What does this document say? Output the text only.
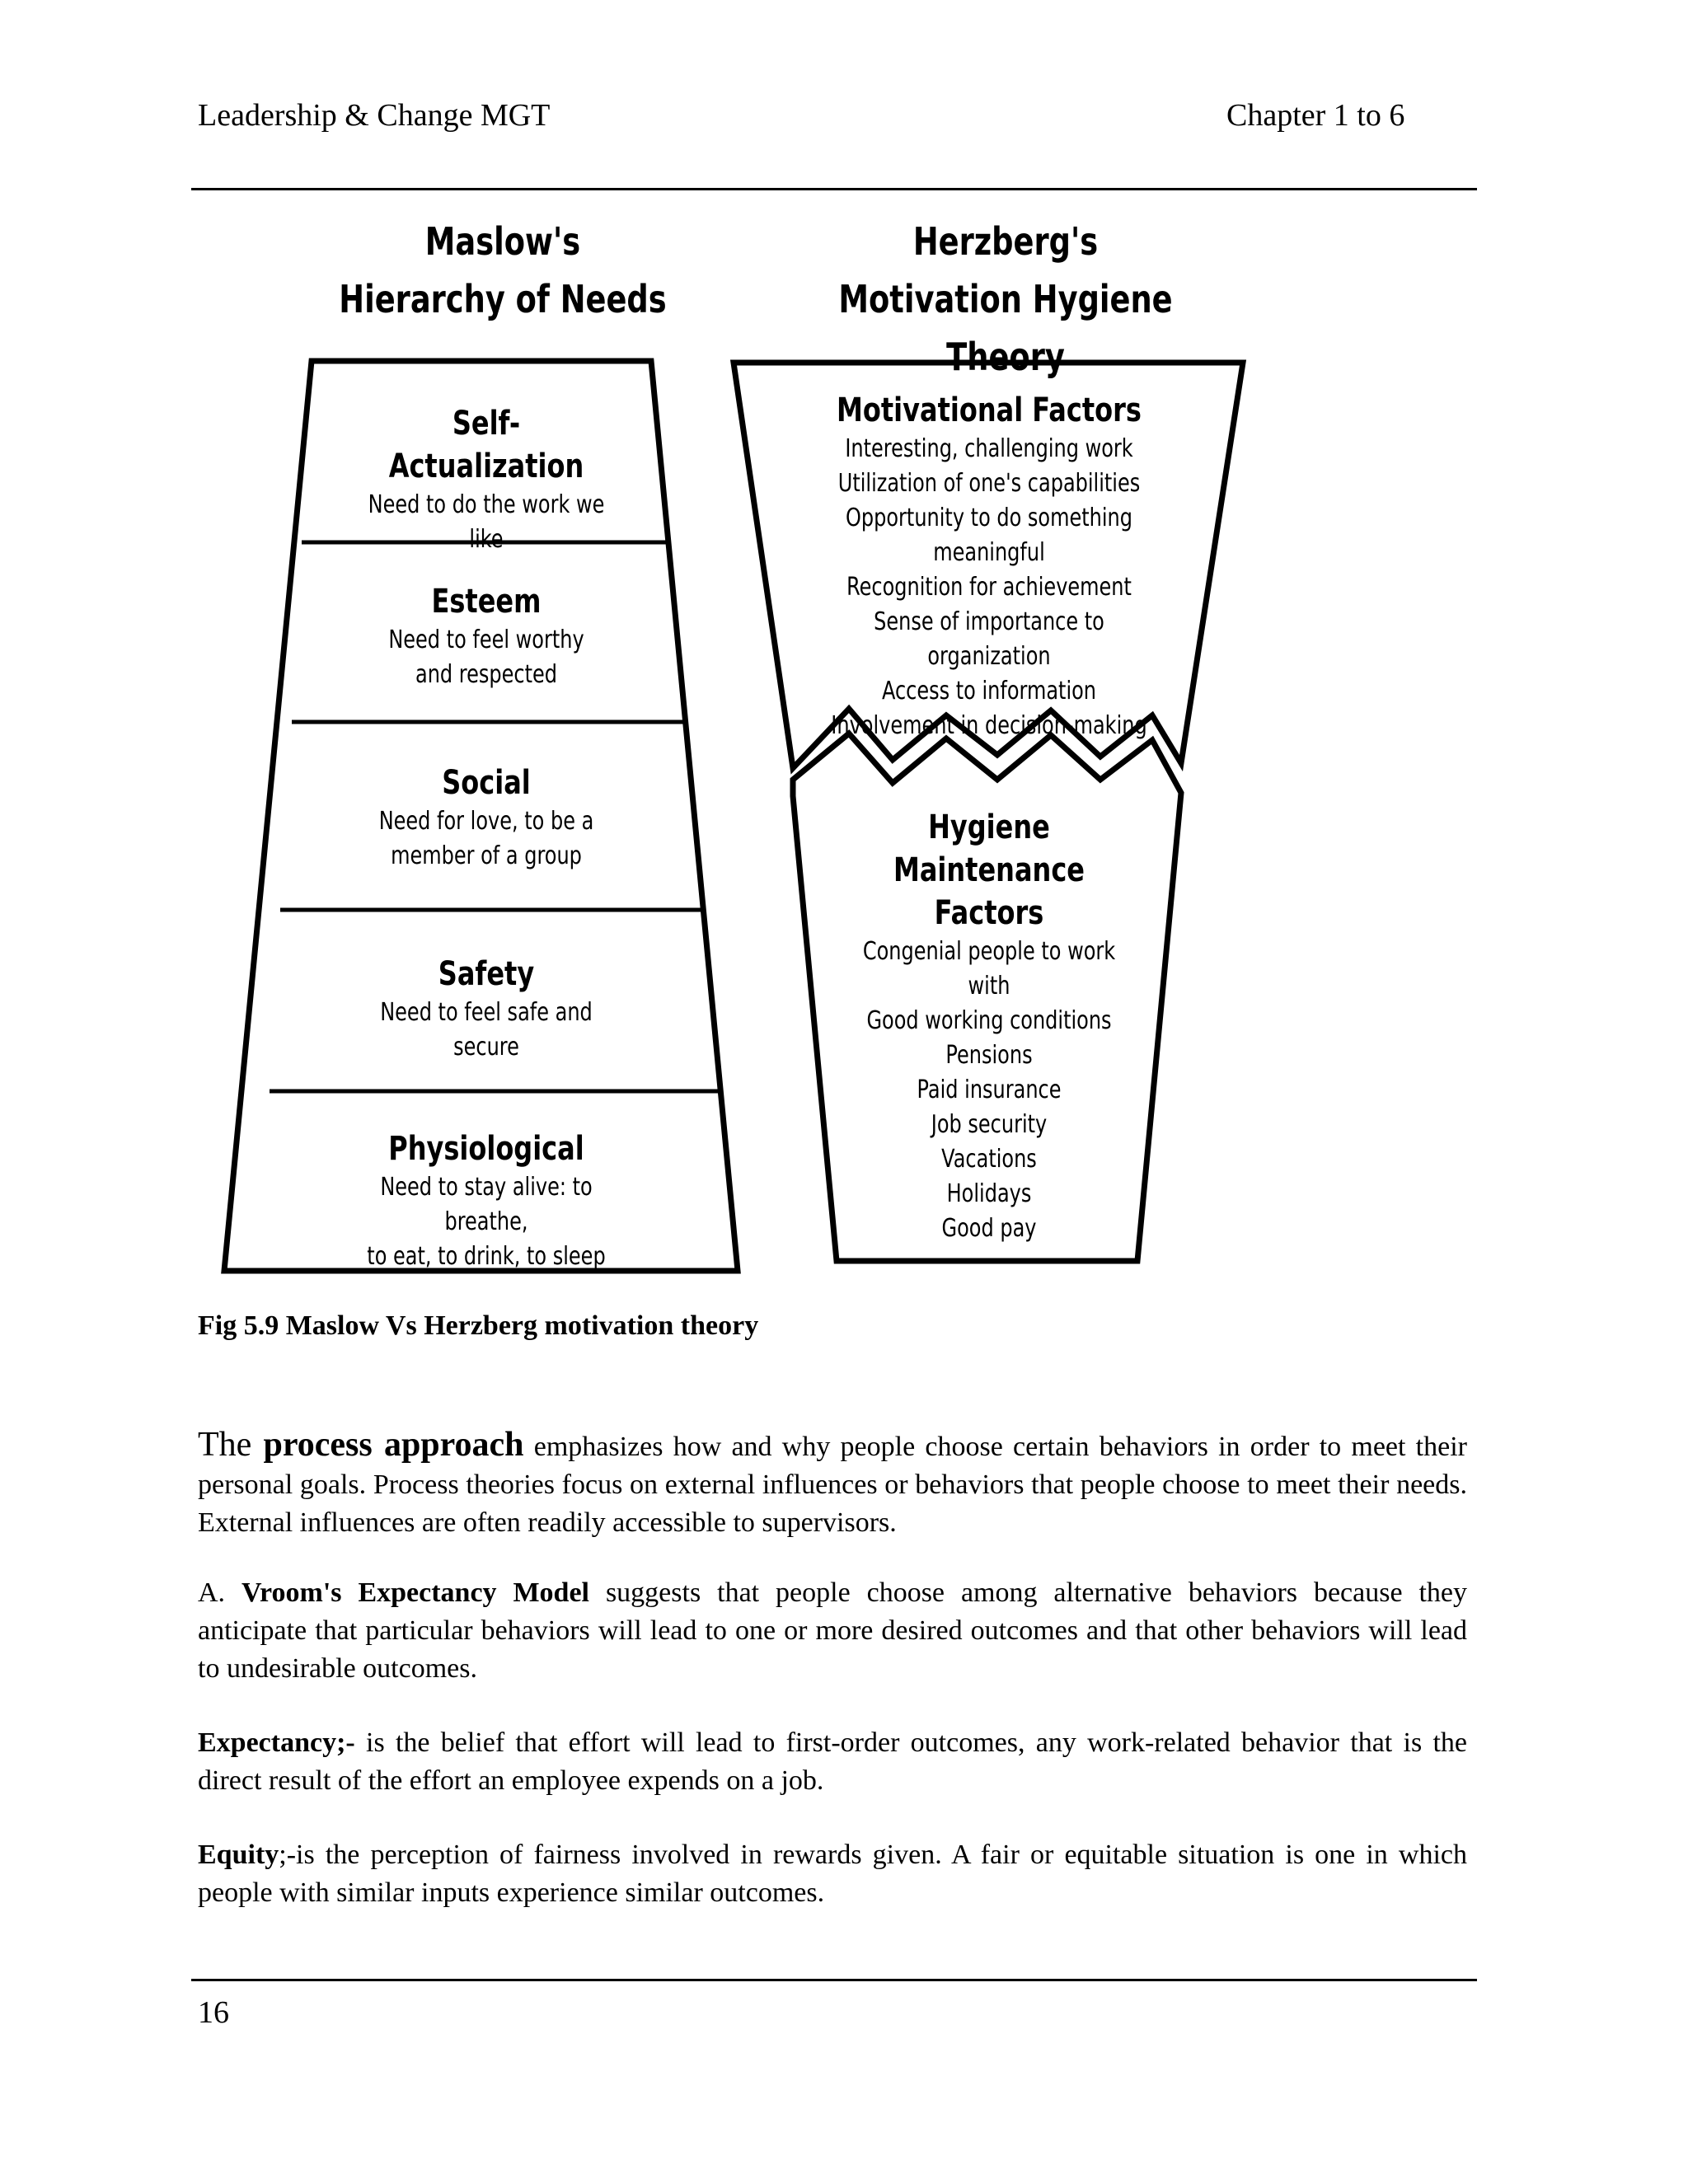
Leadership & Change MGT	Chapter 1 to 6
Maslow's
Hierarchy of Needs
Herzberg's
Motivation Hygiene Theory
Self-Actualization
Need to do the work we like
Esteem
Need to feel worthy
and respected
Social
Need for love, to be a
member of a group
Safety
Need to feel safe and secure
Physiological
Need to stay alive: to breathe,
to eat, to drink, to sleep
Motivational Factors
Interesting, challenging work
Utilization of one's capabilities
Opportunity to do something meaningful
Recognition for achievement
Sense of importance to organization
Access to information
Involvement in decision-making
Hygiene Maintenance
Factors
Congenial people to work with
Good working conditions
Pensions
Paid insurance
Job security
Vacations
Holidays
Good pay
Fig 5.9 Maslow Vs Herzberg motivation theory
The process approach emphasizes how and why people choose certain behaviors in order to meet their personal goals. Process theories focus on external influences or behaviors that people choose to meet their needs. External influences are often readily accessible to supervisors.
A. Vroom's Expectancy Model suggests that people choose among alternative behaviors because they anticipate that particular behaviors will lead to one or more desired outcomes and that other behaviors will lead to undesirable outcomes.
Expectancy;- is the belief that effort will lead to first-order outcomes, any work-related behavior that is the direct result of the effort an employee expends on a job.
Equity;-is the perception of fairness involved in rewards given. A fair or equitable situation is one in which people with similar inputs experience similar outcomes.
16
